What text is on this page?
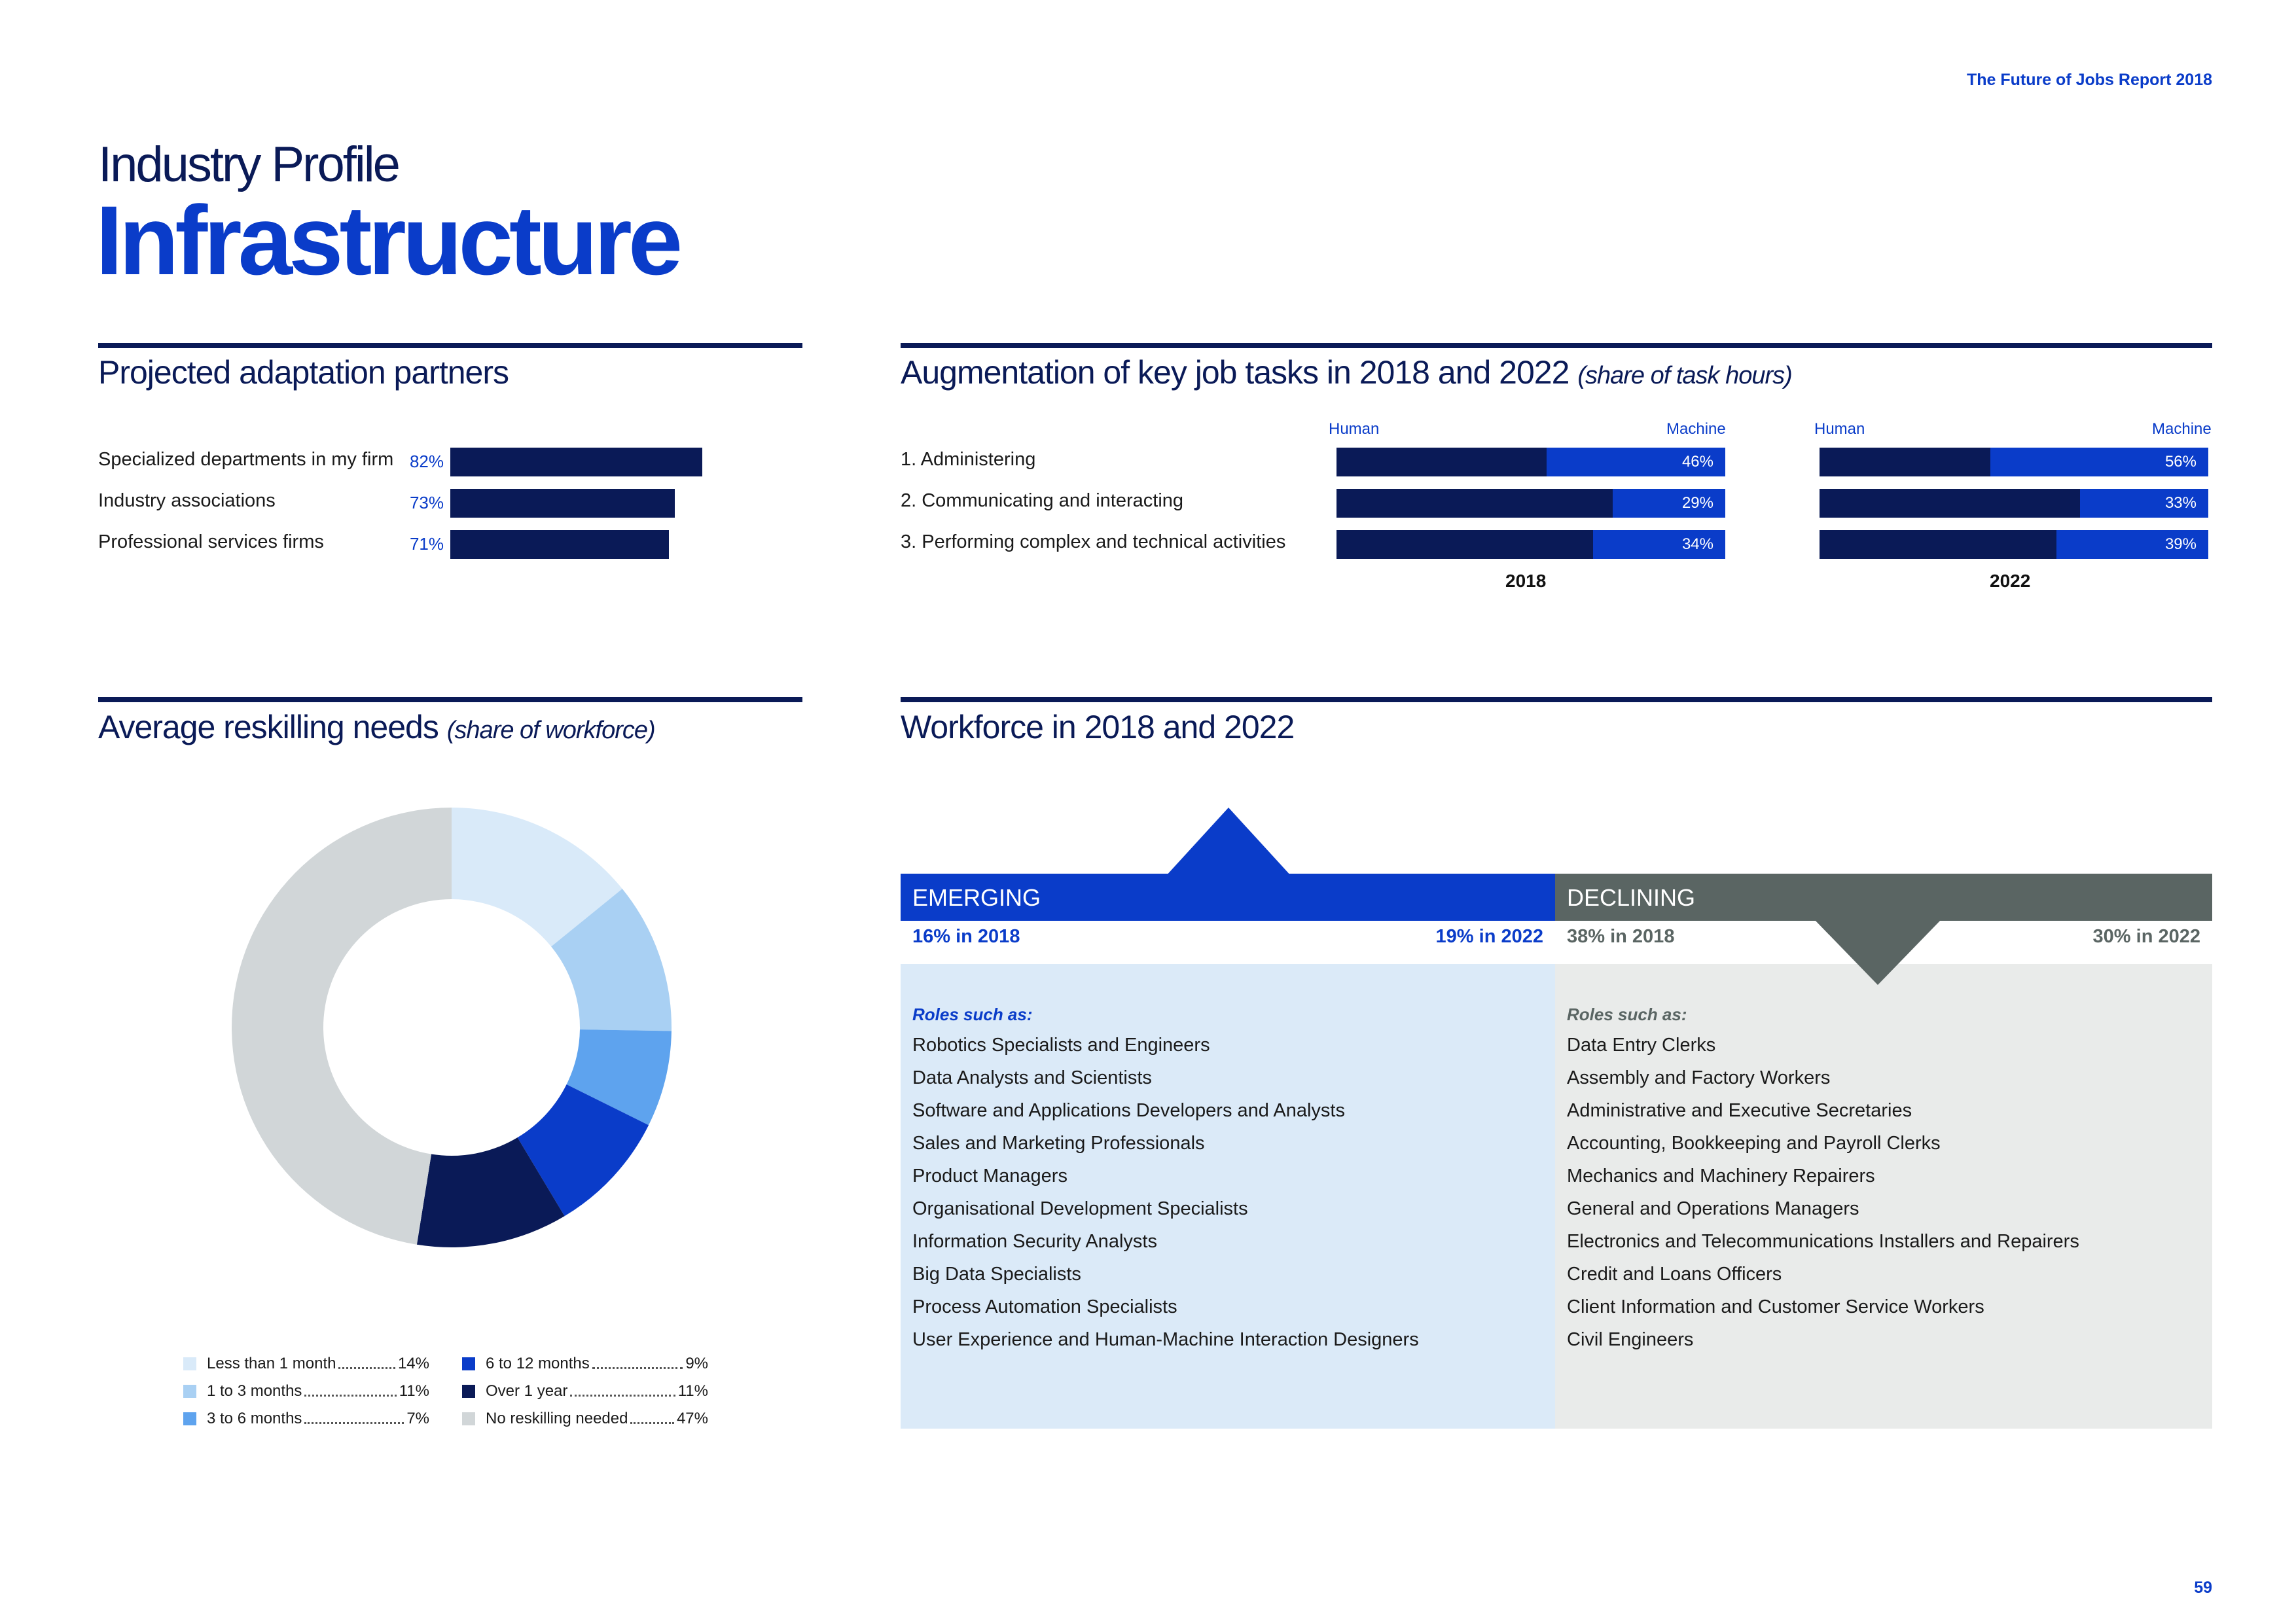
The Future of Jobs Report 2018
Industry Profile
Infrastructure
Projected adaptation partners
Specialized departments in my firm 82%
Industry associations	73%
Professional services firms	71%
Augmentation of key job tasks in 2018 and 2022 (share of task hours)
Human	Machine	Human	Machine
1. Administering	46%	56%
2. Communicating and interacting	29%	33%
3. Performing complex and technical activities	34%	39%
2018	2022
Average reskilling needs (share of workforce)
Less than 1 month	14%
1 to 3 months	11%
3 to 6 months	7%
6 to 12 months	9%
Over 1 year	11%
No reskilling needed	47%
Workforce in 2018 and 2022
EMERGING
16% in 2018	19% in 2022
Roles such as:
Robotics Specialists and Engineers
Data Analysts and Scientists
Software and Applications Developers and Analysts
Sales and Marketing Professionals
Product Managers
Organisational Development Specialists
Information Security Analysts
Big Data Specialists
Process Automation Specialists
User Experience and Human-Machine Interaction Designers
DECLINING
38% in 2018	30% in 2022
Roles such as:
Data Entry Clerks
Assembly and Factory Workers
Administrative and Executive Secretaries
Accounting, Bookkeeping and Payroll Clerks
Mechanics and Machinery Repairers
General and Operations Managers
Electronics and Telecommunications Installers and Repairers
Credit and Loans Officers
Client Information and Customer Service Workers
Civil Engineers
59
